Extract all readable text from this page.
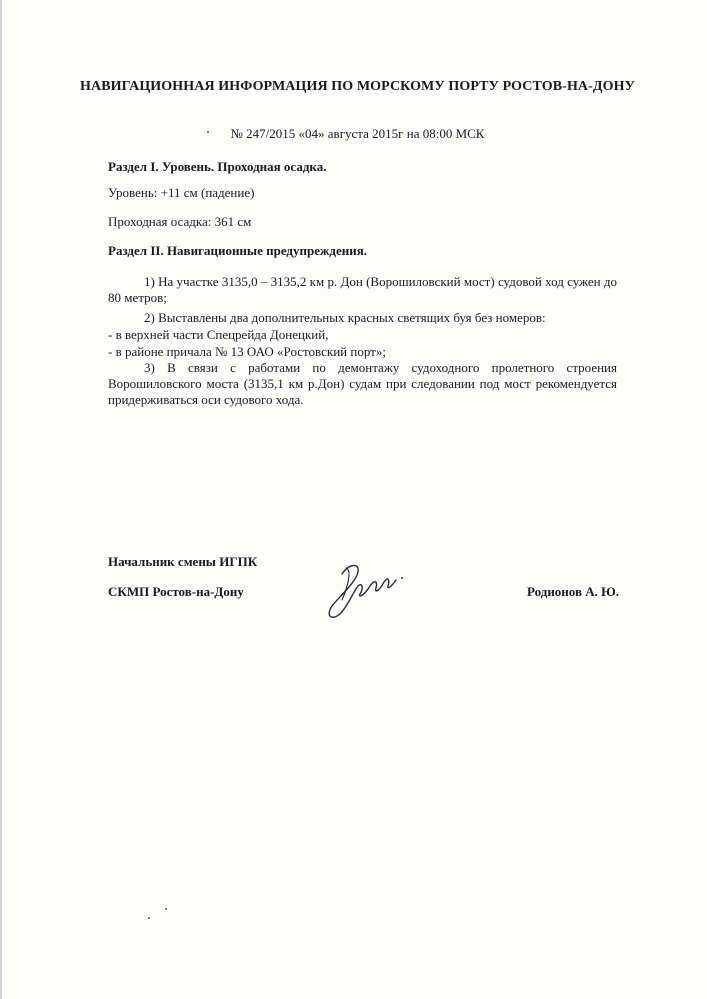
НАВИГАЦИОННАЯ ИНФОРМАЦИЯ ПО МОРСКОМУ ПОРТУ РОСТОВ-НА-ДОНУ
№ 247/2015 «04» августа 2015г на 08:00 МСК
Раздел I. Уровень. Проходная осадка.
Уровень: +11 см (падение)
Проходная осадка: 361 см
Раздел II. Навигационные предупреждения.
1) На участке 3135,0 – 3135,2 км р. Дон (Ворошиловский мост) судовой ход сужен до 80 метров;
2) Выставлены два дополнительных красных светящих буя без номеров:
- в верхней части Спецрейда Донецкий,
- в районе причала № 13 ОАО «Ростовский порт»;
3) В связи с работами по демонтажу судоходного пролетного строения Ворошиловского моста (3135,1 км р.Дон) судам при следовании под мост рекомендуется придерживаться оси судового хода.
Начальник смены ИГПК
СКМП Ростов-на-Дону	Родионов А. Ю.
